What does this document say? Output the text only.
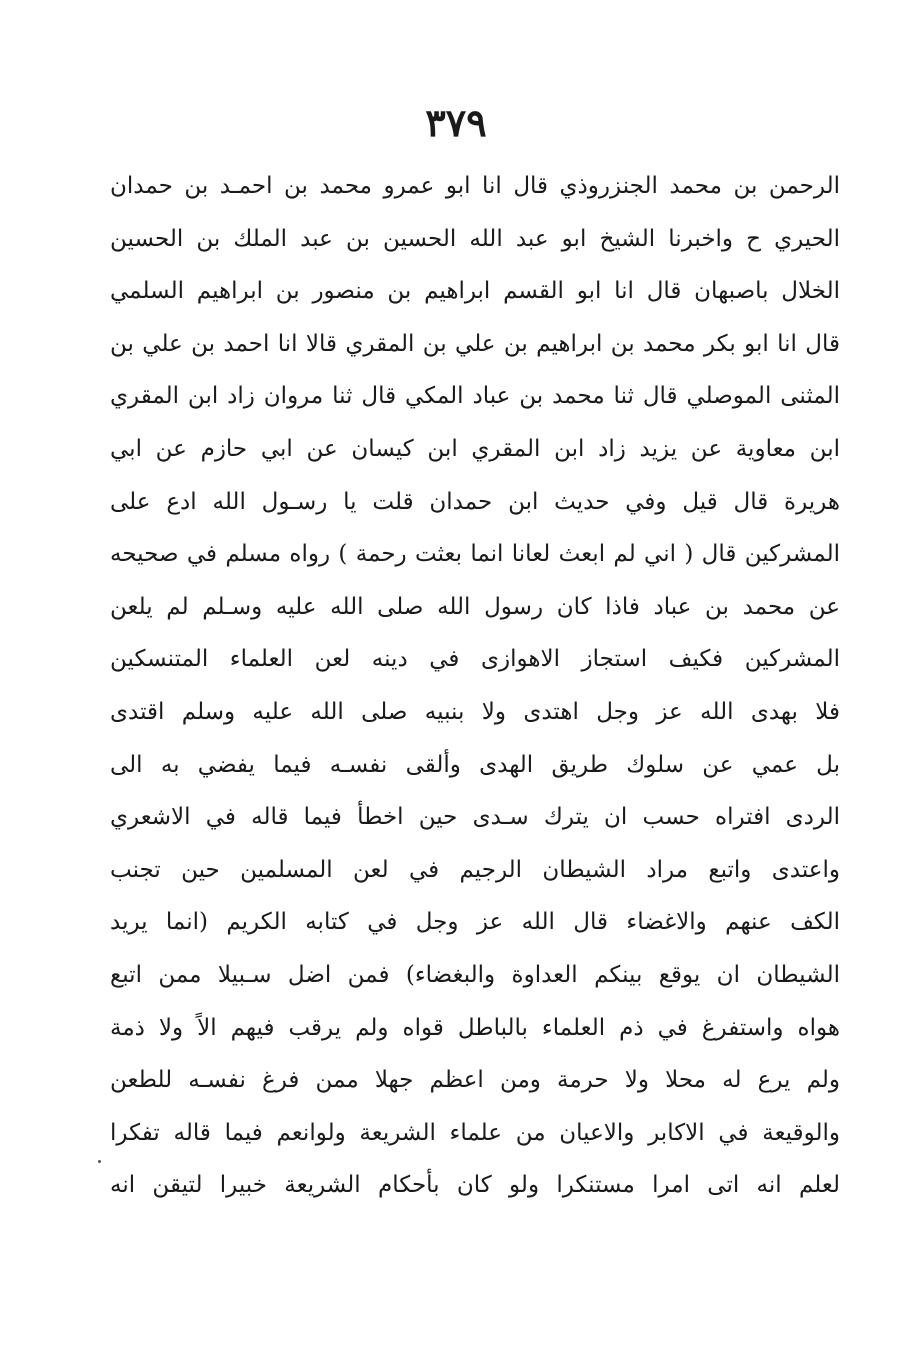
٣٧٩
الرحمن بن محمد الجنزروذي قال انا ابو عمرو محمد بن احمـد بن حمدان
الحيري ح واخبرنا الشيخ ابو عبد الله الحسين بن عبد الملك بن الحسين
الخلال باصبهان قال انا ابو القسم ابراهيم بن منصور بن ابراهيم السلمي
قال انا ابو بكر محمد بن ابراهيم بن علي بن المقري قالا انا احمد بن علي بن
المثنى الموصلي قال ثنا محمد بن عباد المكي قال ثنا مروان زاد ابن المقري
ابن معاوية عن يزيد زاد ابن المقري ابن كيسان عن ابي حازم عن ابي
هريرة قال قيل وفي حديث ابن حمدان قلت يا رسـول الله ادع على
المشركين قال ( اني لم ابعث لعانا انما بعثت رحمة ) رواه مسلم في صحيحه
عن محمد بن عباد فاذا كان رسول الله صلى الله عليه وسـلم لم يلعن
المشركين فكيف استجاز الاهوازى في دينه لعن العلماء المتنسكين
فلا بهدى الله عز وجل اهتدى ولا بنبيه صلى الله عليه وسلم اقتدى
بل عمي عن سلوك طريق الهدى وألقى نفسـه فيما يفضي به الى
الردى افتراه حسب ان يترك سـدى حين اخطأ فيما قاله في الاشعري
واعتدى واتبع مراد الشيطان الرجيم في لعن المسلمين حين تجنب
الكف عنهم والاغضاء قال الله عز وجل في كتابه الكريم (انما يريد
الشيطان ان يوقع بينكم العداوة والبغضاء) فمن اضل سـبيلا ممن اتبع
هواه واستفرغ في ذم العلماء بالباطل قواه ولم يرقب فيهم الاً ولا ذمة
ولم يرع له محلا ولا حرمة ومن اعظم جهلا ممن فرغ نفسـه للطعن
والوقيعة في الاكابر والاعيان من علماء الشريعة ولوانعم فيما قاله تفكرا
لعلم انه اتى امرا مستنكرا ولو كان بأحكام الشريعة خبيرا لتيقن انه
